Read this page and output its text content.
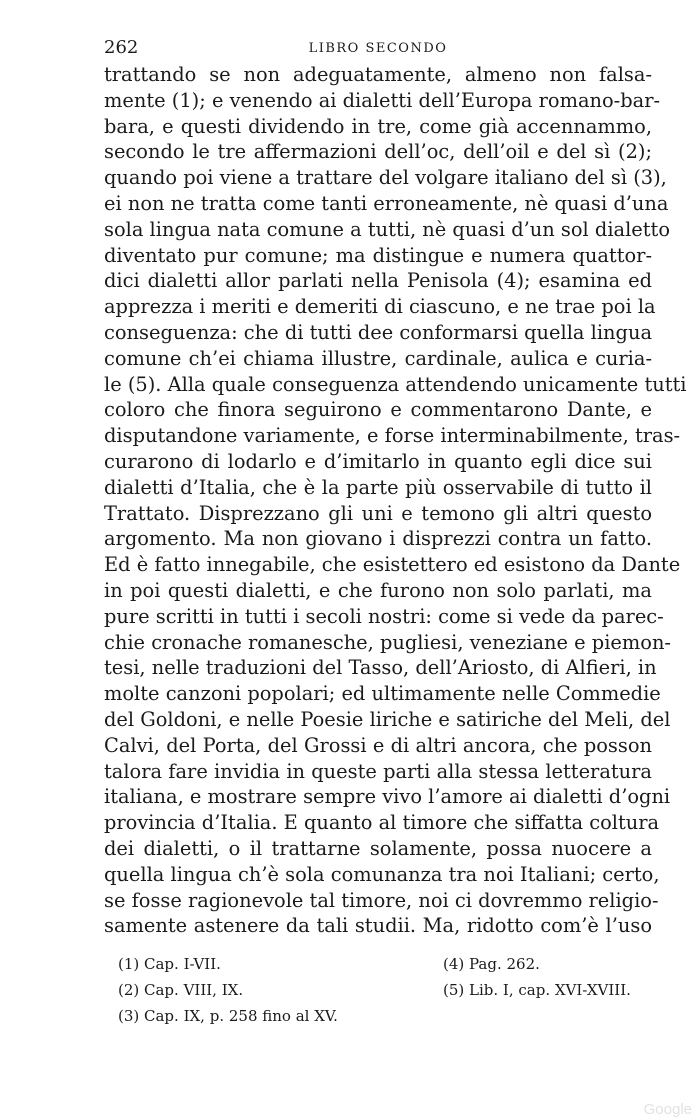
262	LIBRO SECONDO
trattando se non adeguatamente, almeno non falsa-
mente (1); e venendo ai dialetti dell’Europa romano-bar-
bara, e questi dividendo in tre, come già accennammo,
secondo le tre affermazioni dell’oc, dell’oil e del sì (2);
quando poi viene a trattare del volgare italiano del sì (3),
ei non ne tratta come tanti erroneamente, nè quasi d’una
sola lingua nata comune a tutti, nè quasi d’un sol dialetto
diventato pur comune; ma distingue e numera quattor-
dici dialetti allor parlati nella Penisola (4); esamina ed
apprezza i meriti e demeriti di ciascuno, e ne trae poi la
conseguenza: che di tutti dee conformarsi quella lingua
comune ch’ei chiama illustre, cardinale, aulica e curia-
le (5). Alla quale conseguenza attendendo unicamente tutti
coloro che finora seguirono e commentarono Dante, e
disputandone variamente, e forse interminabilmente, tras-
curarono di lodarlo e d’imitarlo in quanto egli dice sui
dialetti d’Italia, che è la parte più osservabile di tutto il
Trattato. Disprezzano gli uni e temono gli altri questo
argomento. Ma non giovano i disprezzi contra un fatto.
Ed è fatto innegabile, che esistettero ed esistono da Dante
in poi questi dialetti, e che furono non solo parlati, ma
pure scritti in tutti i secoli nostri: come si vede da parec-
chie cronache romanesche, pugliesi, veneziane e piemon-
tesi, nelle traduzioni del Tasso, dell’Ariosto, di Alfieri, in
molte canzoni popolari; ed ultimamente nelle Commedie
del Goldoni, e nelle Poesie liriche e satiriche del Meli, del
Calvi, del Porta, del Grossi e di altri ancora, che posson
talora fare invidia in queste parti alla stessa letteratura
italiana, e mostrare sempre vivo l’amore ai dialetti d’ogni
provincia d’Italia. E quanto al timore che siffatta coltura
dei dialetti, o il trattarne solamente, possa nuocere a
quella lingua ch’è sola comunanza tra noi Italiani; certo,
se fosse ragionevole tal timore, noi ci dovremmo religio-
samente astenere da tali studii. Ma, ridotto com’è l’uso
(1) Cap. I-VII.	(4) Pag. 262.
(2) Cap. VIII, IX.	(5) Lib. I, cap. XVI-XVIII.
(3) Cap. IX, p. 258 fino al XV.
Google
